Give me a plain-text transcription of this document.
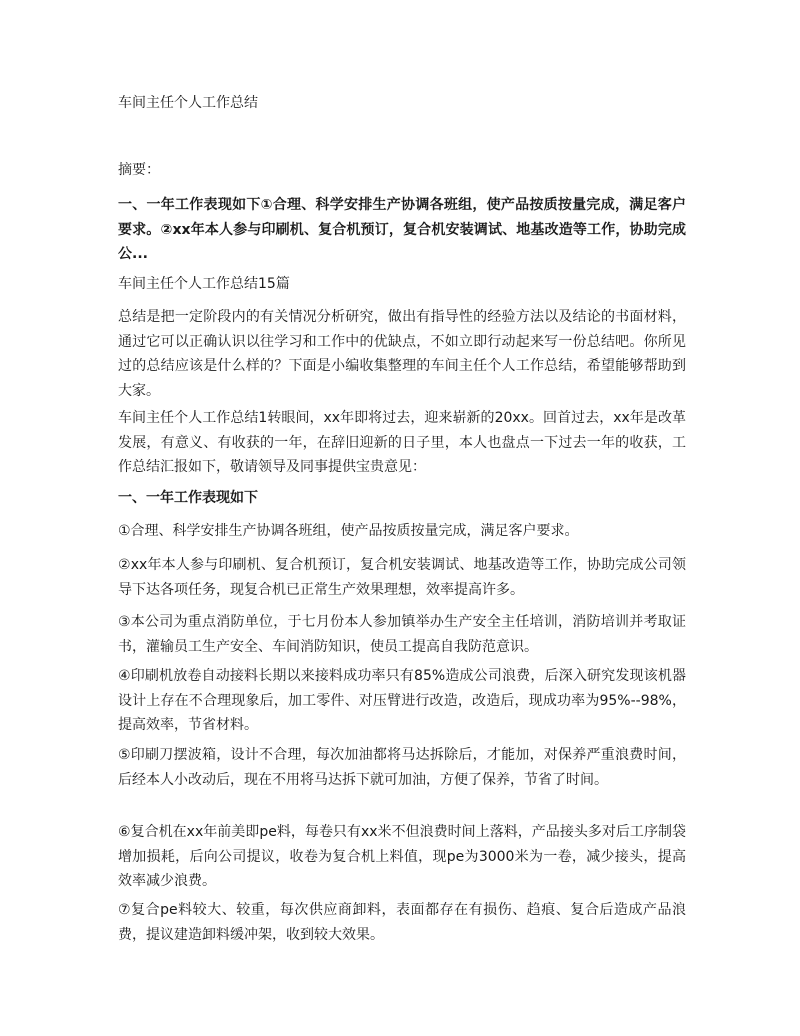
车间主任个人工作总结

摘要：

一、一年工作表现如下①合理、科学安排生产协调各班组，使产品按质按量完成，满足客户要求。②xx年本人参与印刷机、复合机预订，复合机安装调试、地基改造等工作，协助完成公...

车间主任个人工作总结15篇

总结是把一定阶段内的有关情况分析研究，做出有指导性的经验方法以及结论的书面材料，通过它可以正确认识以往学习和工作中的优缺点，不如立即行动起来写一份总结吧。你所见过的总结应该是什么样的？下面是小编收集整理的车间主任个人工作总结，希望能够帮助到大家。

车间主任个人工作总结1转眼间，xx年即将过去，迎来崭新的20xx。回首过去，xx年是改革发展，有意义、有收获的一年，在辞旧迎新的日子里，本人也盘点一下过去一年的收获，工作总结汇报如下，敬请领导及同事提供宝贵意见：

一、一年工作表现如下

①合理、科学安排生产协调各班组，使产品按质按量完成，满足客户要求。

②xx年本人参与印刷机、复合机预订，复合机安装调试、地基改造等工作，协助完成公司领导下达各项任务，现复合机已正常生产效果理想，效率提高许多。

③本公司为重点消防单位，于七月份本人参加镇举办生产安全主任培训，消防培训并考取证书，灌输员工生产安全、车间消防知识，使员工提高自我防范意识。

④印刷机放卷自动接料长期以来接料成功率只有85%造成公司浪费，后深入研究发现该机器设计上存在不合理现象后，加工零件、对压臂进行改造，改造后，现成功率为95%--98%，提高效率，节省材料。

⑤印刷刀摆波箱，设计不合理，每次加油都将马达拆除后，才能加，对保养严重浪费时间，后经本人小改动后，现在不用将马达拆下就可加油，方便了保养，节省了时间。

⑥复合机在xx年前美即pe料，每卷只有xx米不但浪费时间上落料，产品接头多对后工序制袋增加损耗，后向公司提议，收卷为复合机上料值，现pe为3000米为一卷，减少接头，提高效率减少浪费。

⑦复合pe料较大、较重，每次供应商卸料，表面都存在有损伤、趋痕、复合后造成产品浪费，提议建造卸料缓冲架，收到较大效果。
